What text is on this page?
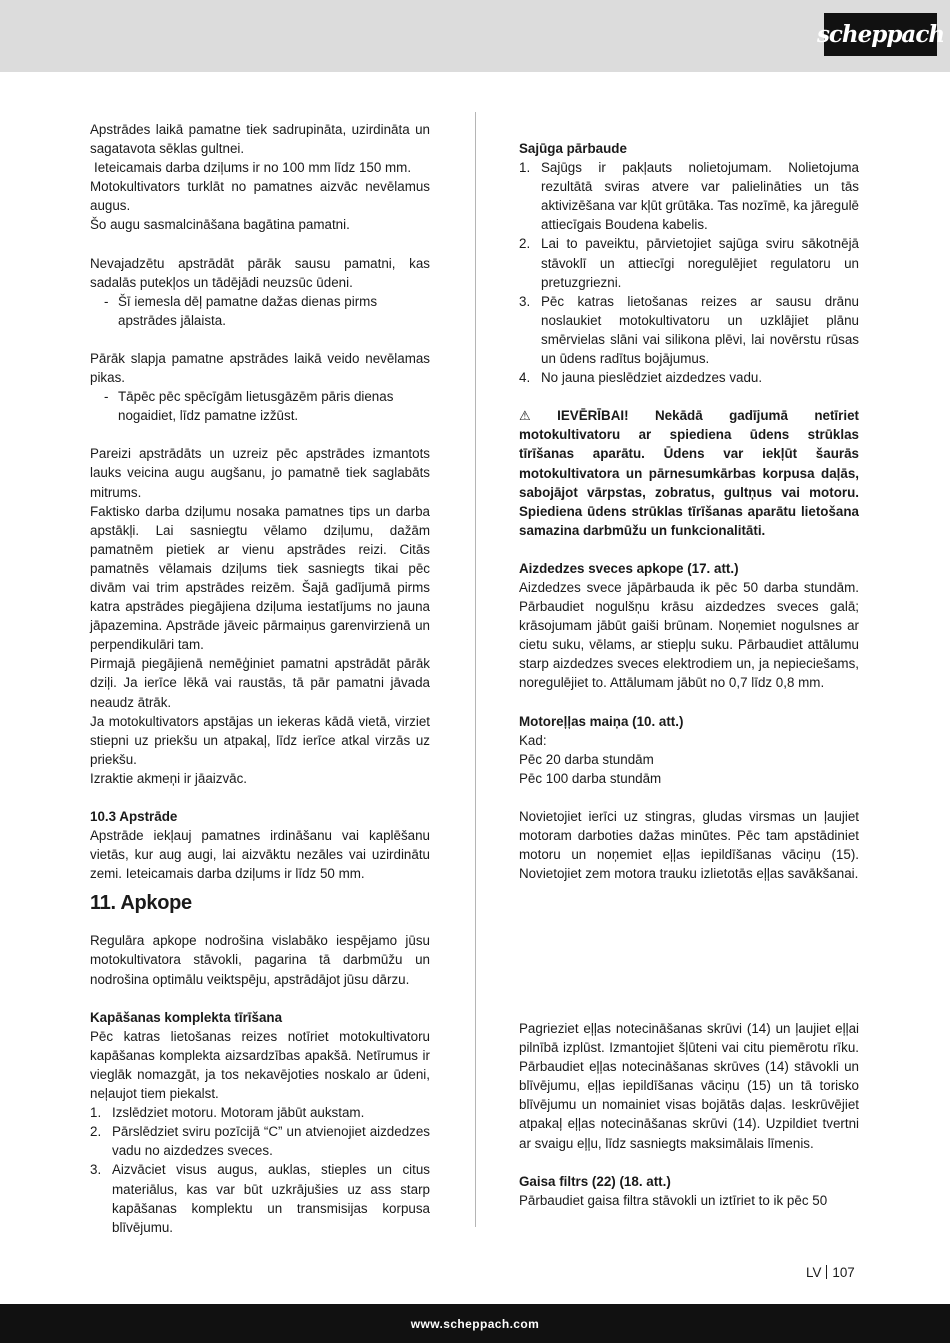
scheppach

Apstrādes laikā pamatne tiek sadrupināta, uzirdināta un sagatavota sēklas gultnei.

Ieteicamais darba dziļums ir no 100 mm līdz 150 mm.

Motokultivators turklāt no pamatnes aizvāc nevēlamus augus.

Šo augu sasmalcināšana bagātina pamatni.

Nevajadzētu apstrādāt pārāk sausu pamatni, kas sadalās putekļos un tādējādi neuzsūc ūdeni.

- Šī iemesla dēļ pamatne dažas dienas pirms apstrādes jālaista.

Pārāk slapja pamatne apstrādes laikā veido nevēlamas pikas.

- Tāpēc pēc spēcīgām lietusgāzēm pāris dienas nogaidiet, līdz pamatne izžūst.

Pareizi apstrādāts un uzreiz pēc apstrādes izmantots lauks veicina augu augšanu, jo pamatnē tiek saglabāts mitrums.

Faktisko darba dziļumu nosaka pamatnes tips un darba apstākļi. Lai sasniegtu vēlamo dziļumu, dažām pamatnēm pietiek ar vienu apstrādes reizi. Citās pamatnēs vēlamais dziļums tiek sasniegts tikai pēc divām vai trim apstrādes reizēm. Šajā gadījumā pirms katra apstrādes piegājiena dziļuma iestatījums no jauna jāpazemina. Apstrāde jāveic pārmaiņus garenvirzienā un perpendikulāri tam.

Pirmajā piegājienā nemēģiniet pamatni apstrādāt pārāk dziļi. Ja ierīce lēkā vai raustās, tā pār pamatni jāvada neaudz ātrāk.

Ja motokultivators apstājas un iekeras kādā vietā, virziet stiepni uz priekšu un atpakaļ, līdz ierīce atkal virzās uz priekšu.

Izraktie akmeņi ir jāaizvāc.

10.3 Apstrāde

Apstrāde iekļauj pamatnes irdināšanu vai kaplēšanu vietās, kur aug augi, lai aizvāktu nezāles vai uzirdinātu zemi. Ieteicamais darba dziļums ir līdz 50 mm.

11. Apkope

Regulāra apkope nodrošina vislabāko iespējamo jūsu motokultivatora stāvokli, pagarina tā darbmūžu un nodrošina optimālu veiktspēju, apstrādājot jūsu dārzu.

Kapāšanas komplekta tīrīšana

Pēc katras lietošanas reizes notīriet motokultivatoru kapāšanas komplekta aizsardzības apakšā. Netīrumus ir vieglāk nomazgāt, ja tos nekavējoties noskalo ar ūdeni, neļaujot tiem piekalst.

1. Izslēdziet motoru. Motoram jābūt aukstam.
2. Pārslēdziet sviru pozīcijā “C” un atvienojiet aizdedzes vadu no aizdedzes sveces.
3. Aizvāciet visus augus, auklas, stieples un citus materiālus, kas var būt uzkrājušies uz ass starp kapāšanas komplektu un transmisijas korpusa blīvējumu.

Sajūga pārbaude

1. Sajūgs ir pakļauts nolietojumam. Nolietojuma rezultātā sviras atvere var palielināties un tās aktivizēšana var kļūt grūtāka. Tas nozīmē, ka jāregulē attiecīgais Boudena kabelis.
2. Lai to paveiktu, pārvietojiet sajūga sviru sākotnējā stāvoklī un attiecīgi noregulējiet regulatoru un pretuzgriezni.
3. Pēc katras lietošanas reizes ar sausu drānu noslaukiet motokultivatoru un uzklājiet plānu smērvielas slāni vai silikona plēvi, lai novērstu rūsas un ūdens radītus bojājumus.
4. No jauna pieslēdziet aizdedzes vadu.

⚠ IEVĒRĪBAI! Nekādā gadījumā netīriet motokultivatoru ar spiediena ūdens strūklas tīrīšanas aparātu. Ūdens var iekļūt šaurās motokultivatora un pārnesumkārbas korpusa daļās, sabojājot vārpstas, zobratus, gultņus vai motoru. Spiediena ūdens strūklas tīrīšanas aparātu lietošana samazina darbmūžu un funkcionalitāti.

Aizdedzes sveces apkope (17. att.)

Aizdedzes svece jāpārbauda ik pēc 50 darba stundām. Pārbaudiet nogulšņu krāsu aizdedzes sveces galā; krāsojumam jābūt gaiši brūnam. Noņemiet nogulsnes ar cietu suku, vēlams, ar stiepļu suku. Pārbaudiet attālumu starp aizdedzes sveces elektrodiem un, ja nepieciešams, noregulējiet to. Attālumam jābūt no 0,7 līdz 0,8 mm.

Motoreļļas maiņa (10. att.)

Kad:

Pēc 20 darba stundām

Pēc 100 darba stundām

Novietojiet ierīci uz stingras, gludas virsmas un ļaujiet motoram darboties dažas minūtes. Pēc tam apstādiniet motoru un noņemiet eļļas iepildīšanas vāciņu (15). Novietojiet zem motora trauku izlietotās eļļas savākšanai.

Pagrieziet eļļas notecināšanas skrūvi (14) un ļaujiet eļļai pilnībā izplūst. Izmantojiet šļūteni vai citu piemērotu rīku. Pārbaudiet eļļas notecināšanas skrūves (14) stāvokli un blīvējumu, eļļas iepildīšanas vāciņu (15) un tā torisko blīvējumu un nomainiet visas bojātās daļas. Ieskrūvējiet atpakaļ eļļas notecināšanas skrūvi (14). Uzpildiet tvertni ar svaigu eļļu, līdz sasniegts maksimālais līmenis.

Gaisa filtrs (22) (18. att.)

Pārbaudiet gaisa filtra stāvokli un iztīriet to ik pēc 50

LV 107
www.scheppach.com
